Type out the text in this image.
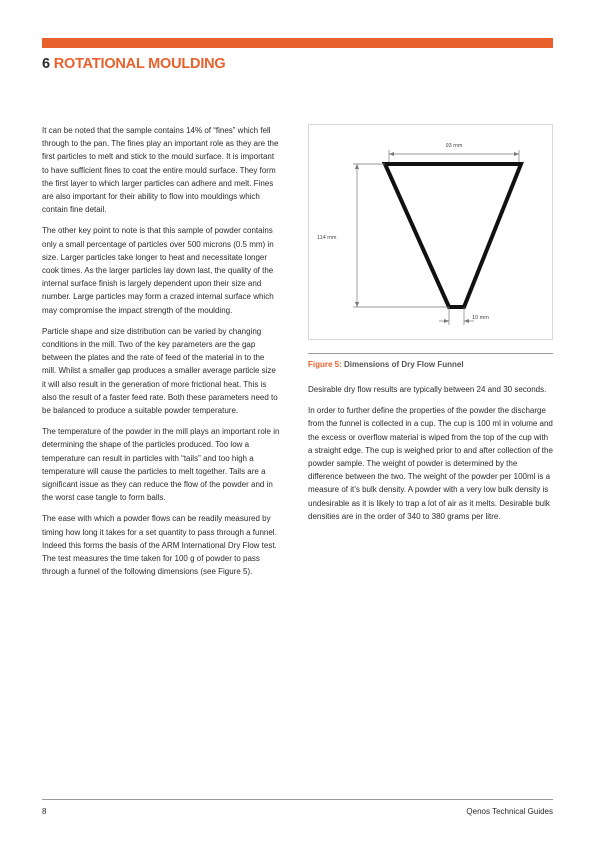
6 ROTATIONAL MOULDING

It can be noted that the sample contains 14% of “fines” which fell through to the pan. The fines play an important role as they are the first particles to melt and stick to the mould surface. It is important to have sufficient fines to coat the entire mould surface. They form the first layer to which larger particles can adhere and melt. Fines are also important for their ability to flow into mouldings which contain fine detail.

The other key point to note is that this sample of powder contains only a small percentage of particles over 500 microns (0.5 mm) in size. Larger particles take longer to heat and necessitate longer cook times. As the larger particles lay down last, the quality of the internal surface finish is largely dependent upon their size and number. Large particles may form a crazed internal surface which may compromise the impact strength of the moulding.

Particle shape and size distribution can be varied by changing conditions in the mill. Two of the key parameters are the gap between the plates and the rate of feed of the material in to the mill. Whilst a smaller gap produces a smaller average particle size it will also result in the generation of more frictional heat. This is also the result of a faster feed rate. Both these parameters need to be balanced to produce a suitable powder temperature.

The temperature of the powder in the mill plays an important role in determining the shape of the particles produced. Too low a temperature can result in particles with “tails” and too high a temperature will cause the particles to melt together. Tails are a significant issue as they can reduce the flow of the powder and in the worst case tangle to form balls.

The ease with which a powder flows can be readily measured by timing how long it takes for a set quantity to pass through a funnel. Indeed this forms the basis of the ARM International Dry Flow test. The test measures the time taken for 100 g of powder to pass through a funnel of the following dimensions (see Figure 5).

93 mm
114 mm
10 mm
Figure 5: Dimensions of Dry Flow Funnel

Desirable dry flow results are typically between 24 and 30 seconds.

In order to further define the properties of the powder the discharge from the funnel is collected in a cup. The cup is 100 ml in volume and the excess or overflow material is wiped from the top of the cup with a straight edge. The cup is weighed prior to and after collection of the powder sample. The weight of powder is determined by the difference between the two. The weight of the powder per 100ml is a measure of it’s bulk density. A powder with a very low bulk density is undesirable as it is likely to trap a lot of air as it melts. Desirable bulk densities are in the order of 340 to 380 grams per litre.

8	Qenos Technical Guides
